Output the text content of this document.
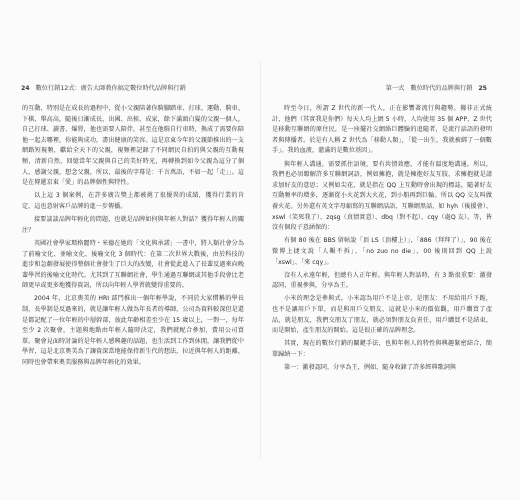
24 數位行銷12式：廣告大師教你搞定數位時代品牌與行銷	第一式　數位時代的品牌與行銷 25

的互動，特別是在成長的過程中，從小父親陪著你騎腳踏車、打球、運動、騎車、下棋、舉高高，隨後日漸成長，出國、出候、成家，餘下滿頭白髮的父親一個人，自己打球、讀書、爆腎，他也需要人陪伴，甚至在他騎自行車時，換成了需要你陪他一起去哪裡，你能夠成功，盡出健康的笑容。這是京東今年的父親節推出的一支網路短視頻，獻給全天下的父親，視頻裡記錄了不同網民自拍的與父親的互動視頻，清新自然，回憶當年父親與自己的美好時光，再轉換到如今父親為這分了個人、感謝父親，想念父親，所以，最後的字幕是：千言萬語，不如一起「走」」。這是在傳遞京東「愛」的品牌個性與特性。

以上這 3 個案例，在許多廣告獎上都被挑了很優異的成績，獲得行業的肯定，這也意射客戶品牌的進一步傳播。

接要談談品牌年輕化的問題，也就是品牌如何與年輕人對話？獲得年輕人的關注？

英國社會學家瑪格麗特・米德在她的「文化與承諾」一書中，將人類社會分為了前喻文化、並喻文化、後喻文化 3 個時代：在第二次世界大戰後，由於科技的進步和急劇發展使得整個社會發生了巨大的改變，社會從此進入了長輩反過來向晚輩學習的後喻文化時代。尤其到了互聯網社會，學生通過互聯網或其他手段會比老師更早或更多地獲得資訊，所以向年輕人學習就變得重要的。

2004 年，北京奧美的 HRI 部門推出一個年輕學說，不同於大家慣稱的學長制，長學制是反過來的，就是讓年輕人做為年長者的導師，公司為資料較深但是還是都記配了一位年輕的中層幹部，彼此年齡相差至少在 15 歲以上，一對一，每年至少 2 次聚會，主題與地點由年輕人隨時決定，我們就配合參加，費用公司買單。聚會見面時討論的是年輕人感興趣的話題，也生活到工作到休閒，讓我們從中學習，這是北京奧美為了讓資深當地能保持新生代的想法，拉近與年輕人的距離，同時也會帶來奧美服務與品牌年輕化的效果。

時至今日，所謂 Z 世代的新一代人，正在影響著流行與趨勢。據非正式統計，他們（其實我是你們）每天人均上網 5 小時，人均使用 35 個 APP，Z 世代是移動互聯網的原住民，是一座擺社交網絡巨體驗的追隨者，是流行話語的發明者與傳播者。於是有人稱 Z 世代為「移動人類」，「從一出生，我就被綁了一個數手」。我的血液，灌滿的是數位基因」。

與年輕人溝通，需要抓住語境，要有共情效應，才能有溫度地溝通。所以，我們也必須瞭解許多互聯網詞語，例如擁抱，就是擁抱好友互肢，求擁抱就是請求加好友的意思；又例如尖花，就是指在 QQ 上互動時會出現的標誌，隨著好友互動頻率的增多，逐漸從小火花到大火花，到小船再到巨輪。所以 QQ 交友叫做養火花。另外還有英文字母縮寫的互聯網話語，互聯網黑話，如 hyh（後援會）、xswl（笑死我了）、zqsg（真情實意）、dbq（對不起）、cqy（處Q 友）。等，皆沒有個段子意涵保的：

有個 80 後在 BBS 留帖說「頂 LS（頂樓上）」，「886（拜拜了）」，90 後在微博上捷文說「人艱不拆」、「no zuo no die」，00 後則回到 QQ 上說「xswl」、「來 cqy」。

沒有人永遠年輕，但總有人正年輕。與年輕人對話時，有 3 點很重要：激發認同，重視參與，分享為王。

小米的理念是參與式。小米認為用戶不是上帝，是朋友：不用給用戶下跪，也不是讓用戶下單，而是與用戶交朋友，這就是小米的價值觀，用戶購買了產品，就是朋友，我們交朋友了朋友，就必須對朋友負責任，用戶購買不是結束，而是開始，產生朋友的開始。這是很正確的品牌理念。

其實，現在的數位行銷的關鍵手法，也與年輕人的特性與興趣緊密結合，簡單歸納一下：

第一：激發認同，分享為王，例如，隨身收錄了許多經典歌詞與
